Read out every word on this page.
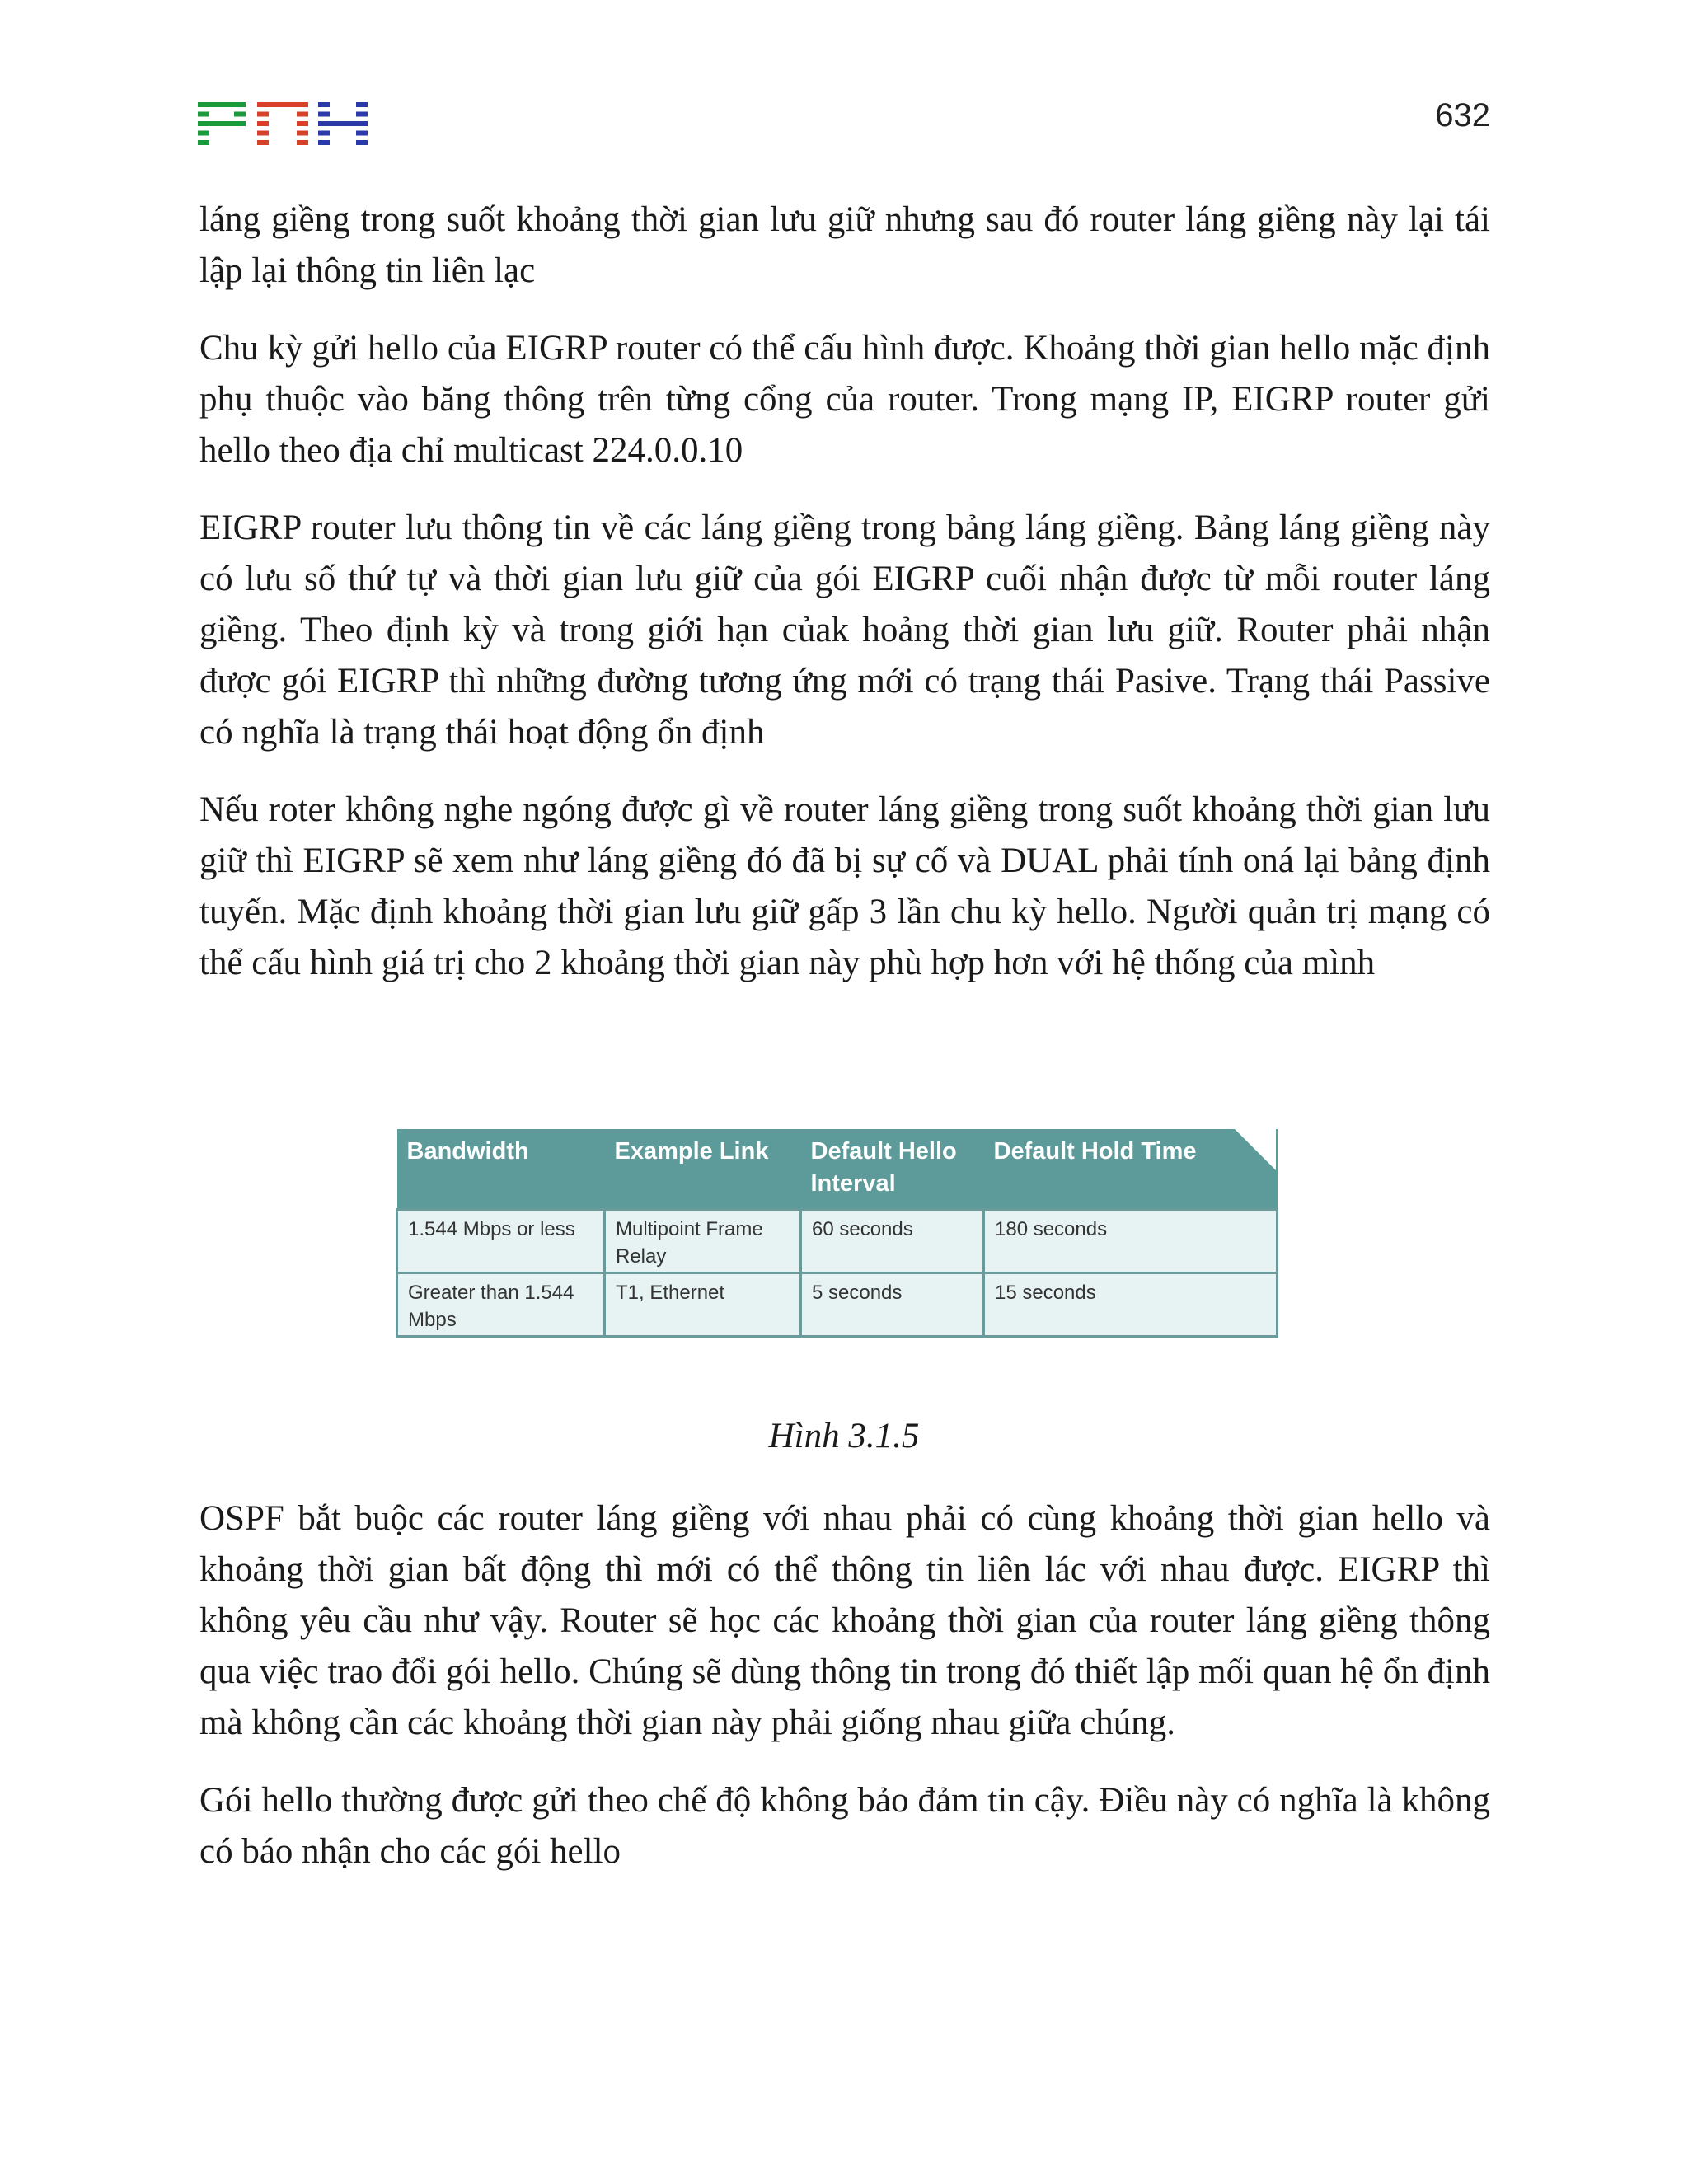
632

láng giềng trong suốt khoảng thời gian lưu giữ nhưng sau đó router láng giềng này lại tái lập lại thông tin liên lạc

Chu kỳ gửi hello của EIGRP router có thể cấu hình được. Khoảng thời gian hello mặc định phụ thuộc vào băng thông trên từng cổng của router. Trong mạng IP, EIGRP router gửi hello theo địa chỉ multicast 224.0.0.10

EIGRP router lưu thông tin về các láng giềng trong bảng láng giềng. Bảng láng giềng này có lưu số thứ tự và thời gian lưu giữ của gói EIGRP cuối nhận được từ mỗi router láng giềng. Theo định kỳ và trong giới hạn củak hoảng thời gian lưu giữ. Router phải nhận được gói EIGRP thì những đường tương ứng mới có trạng thái Pasive. Trạng thái Passive có nghĩa là trạng thái hoạt động ổn định

Nếu roter không nghe ngóng được gì về router láng giềng trong suốt khoảng thời gian lưu giữ thì EIGRP sẽ xem như láng giềng đó đã bị sự cố và DUAL phải tính oná lại bảng định tuyến. Mặc định khoảng thời gian lưu giữ gấp 3 lần chu kỳ hello. Người quản trị mạng có thể cấu hình giá trị cho 2 khoảng thời gian này phù hợp hơn với hệ thống của mình

Bandwidth	Example Link	Default Hello Interval	Default Hold Time
1.544 Mbps or less	Multipoint Frame Relay	60 seconds	180 seconds
Greater than 1.544 Mbps	T1, Ethernet	5 seconds	15 seconds
Hình 3.1.5

OSPF bắt buộc các router láng giềng với nhau phải có cùng khoảng thời gian hello và khoảng thời gian bất động thì mới có thể thông tin liên lác với nhau được. EIGRP thì không yêu cầu như vậy. Router sẽ học các khoảng thời gian của router láng giềng thông qua việc trao đổi gói hello. Chúng sẽ dùng thông tin trong đó thiết lập mối quan hệ ổn định mà không cần các khoảng thời gian này phải giống nhau giữa chúng.

Gói hello thường được gửi theo chế độ không bảo đảm tin cậy. Điều này có nghĩa là không có báo nhận cho các gói hello
